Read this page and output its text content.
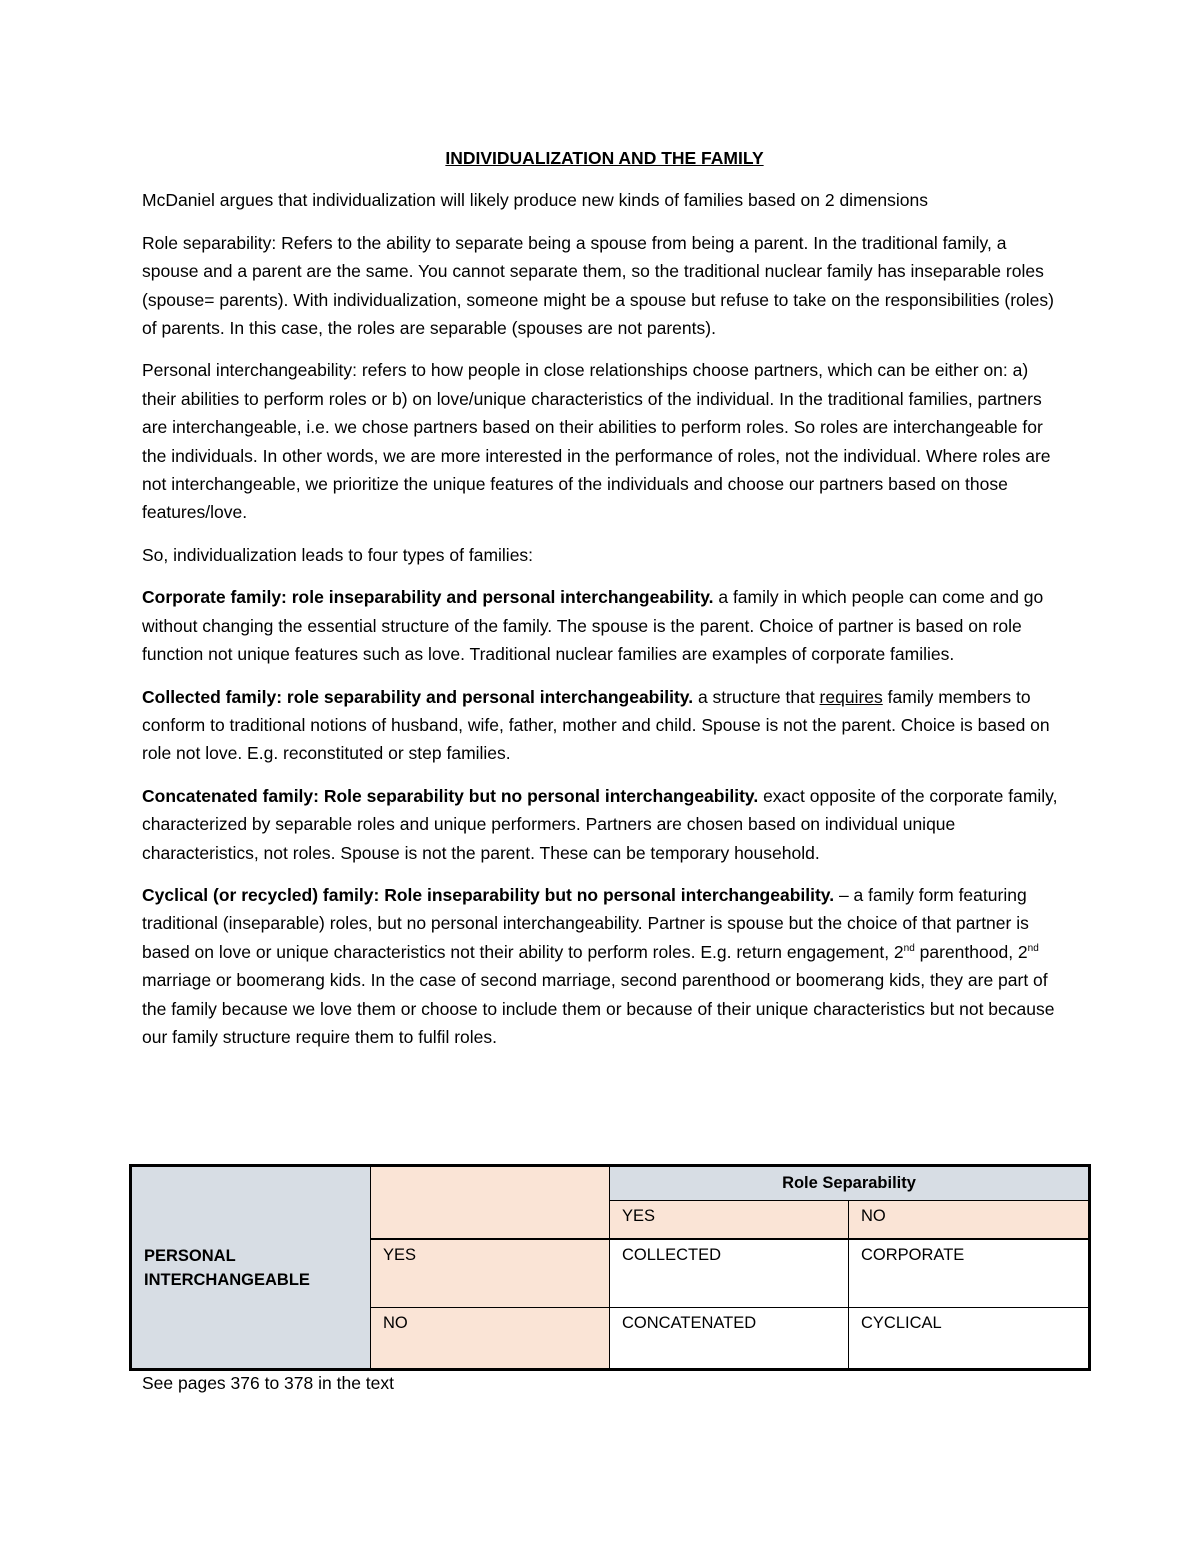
INDIVIDUALIZATION AND THE FAMILY

McDaniel argues that individualization will likely produce new kinds of families based on 2 dimensions

Role separability: Refers to the ability to separate being a spouse from being a parent. In the traditional family, a spouse and a parent are the same. You cannot separate them, so the traditional nuclear family has inseparable roles (spouse= parents). With individualization, someone might be a spouse but refuse to take on the responsibilities (roles) of parents. In this case, the roles are separable (spouses are not parents).

Personal interchangeability: refers to how people in close relationships choose partners, which can be either on: a) their abilities to perform roles or b) on love/unique characteristics of the individual. In the traditional families, partners are interchangeable, i.e. we chose partners based on their abilities to perform roles. So roles are interchangeable for the individuals. In other words, we are more interested in the performance of roles, not the individual. Where roles are not interchangeable, we prioritize the unique features of the individuals and choose our partners based on those features/love.

So, individualization leads to four types of families:

Corporate family: role inseparability and personal interchangeability. a family in which people can come and go without changing the essential structure of the family. The spouse is the parent. Choice of partner is based on role function not unique features such as love. Traditional nuclear families are examples of corporate families.

Collected family: role separability and personal interchangeability. a structure that requires family members to conform to traditional notions of husband, wife, father, mother and child. Spouse is not the parent. Choice is based on role not love. E.g. reconstituted or step families.

Concatenated family: Role separability but no personal interchangeability. exact opposite of the corporate family, characterized by separable roles and unique performers. Partners are chosen based on individual unique characteristics, not roles. Spouse is not the parent. These can be temporary household.

Cyclical (or recycled) family: Role inseparability but no personal interchangeability. – a family form featuring traditional (inseparable) roles, but no personal interchangeability. Partner is spouse but the choice of that partner is based on love or unique characteristics not their ability to perform roles. E.g. return engagement, 2nd parenthood, 2nd marriage or boomerang kids. In the case of second marriage, second parenthood or boomerang kids, they are part of the family because we love them or choose to include them or because of their unique characteristics but not because our family structure require them to fulfil roles.

PERSONAL INTERCHANGEABLE		Role Separability	
		YES	NO
	YES	COLLECTED	CORPORATE
	NO	CONCATENATED	CYCLICAL
See pages 376 to 378 in the text
